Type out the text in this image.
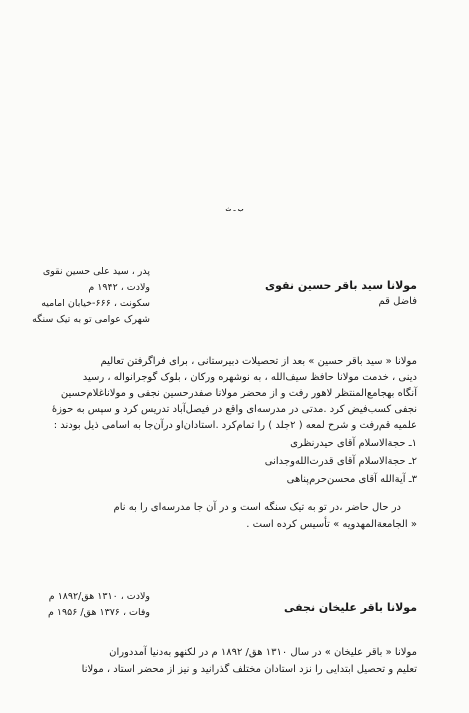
ب ـ ث
مولانا سید باقر حسین نقوی
فاضل قم
پدر ، سید علی حسین نقوی
ولادت ، ۱۹۴۲ م
سکونت ، ۶۶۶-خیابان امامیه
شهرک عوامی تو به تیک سنگه
مولانا « سید باقر حسین » بعد از تحصیلات دبیرستانی ، برای فراگرفتن تعالیم
دینی ، خدمت مولانا حافظ سیف‌الله ، به نوشهره ورکان ، بلوک گوجرانواله ، رسید
آنگاه بهجامع‌المنتظر لاهور رفت و از محضر مولانا صفدرحسین نجفی و مولاناغلام‌حسین
نجفی کسب‌فیض کرد .مدتی در مدرسه‌ای واقع در فیصل‌آباد تدریس کرد و سپس به حوزهٔ
علمیه قم‌رفت و شرح لمعه ( ۲جلد ) را تمام‌کرد .استادان‌او درآن‌جا به اسامی ذیل بودند :
۱ـ حجةالاسلام آقای حیدرنظری
۲ـ حجةالاسلام آقای قدرت‌الله‌وجدانی
۳ـ آیة‌الله آقای محسن‌حرم‌پناهی
در حال حاضر ،در تو به تیک سنگه است و در آن جا مدرسه‌ای را به نام
« الجامعةالمهدویه » تأسیس کرده است .
مولانا باقر علیخان نجفی
ولادت ، ۱۳۱۰ هق/۱۸۹۲ م
وفات ، ۱۳۷۶ هق/ ۱۹۵۶ م
مولانا « باقر علیخان » در سال ۱۳۱۰ هق/ ۱۸۹۲ م در لکنهو به‌دنیا آمد‌دوران
تعلیم و تحصیل ابتدایی را نزد استادان مختلف گذرانید و نیز از محضر استاد ، مولانا
